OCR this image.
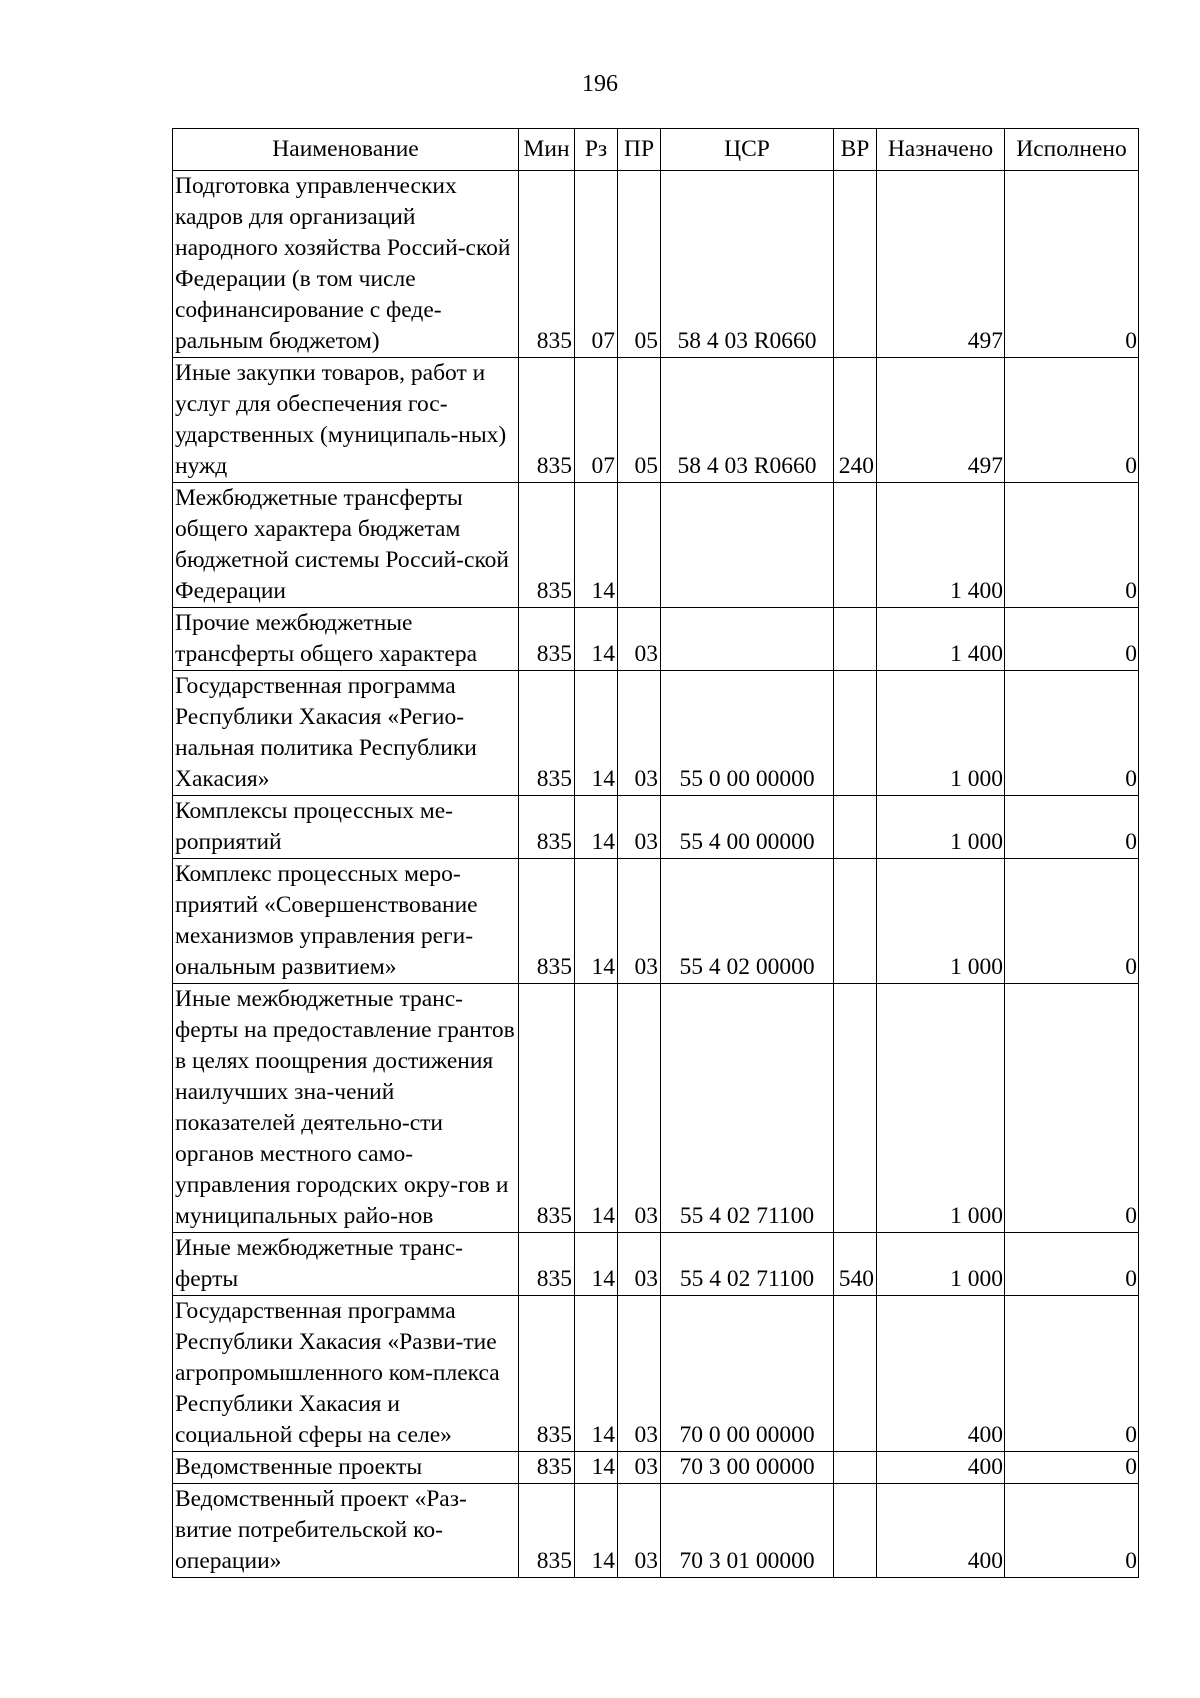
196
Наименование	Мин	Рз	ПР	ЦСР	ВР	Назначено	Исполнено
Подготовка управленческих кадров для организаций народного хозяйства Россий-ской Федерации (в том числе софинансирование с феде-ральным бюджетом)	835	07	05	58 4 03 R0660		497	0
Иные закупки товаров, работ и услуг для обеспечения гос-ударственных (муниципаль-ных) нужд	835	07	05	58 4 03 R0660	240	497	0
Межбюджетные трансферты общего характера бюджетам бюджетной системы Россий-ской Федерации	835	14				1 400	0
Прочие межбюджетные трансферты общего характера	835	14	03			1 400	0
Государственная программа Республики Хакасия «Регио-нальная политика Республики Хакасия»	835	14	03	55 0 00 00000		1 000	0
Комплексы процессных ме-роприятий	835	14	03	55 4 00 00000		1 000	0
Комплекс процессных меро-приятий «Совершенствование механизмов управления реги-ональным развитием»	835	14	03	55 4 02 00000		1 000	0
Иные межбюджетные транс-ферты на предоставление грантов в целях поощрения достижения наилучших зна-чений показателей деятельно-сти органов местного само-управления городских окру-гов и муниципальных райо-нов	835	14	03	55 4 02 71100		1 000	0
Иные межбюджетные транс-ферты	835	14	03	55 4 02 71100	540	1 000	0
Государственная программа Республики Хакасия «Разви-тие агропромышленного ком-плекса Республики Хакасия и социальной сферы на селе»	835	14	03	70 0 00 00000		400	0
Ведомственные проекты	835	14	03	70 3 00 00000		400	0
Ведомственный проект «Раз-витие потребительской ко-операции»	835	14	03	70 3 01 00000		400	0
